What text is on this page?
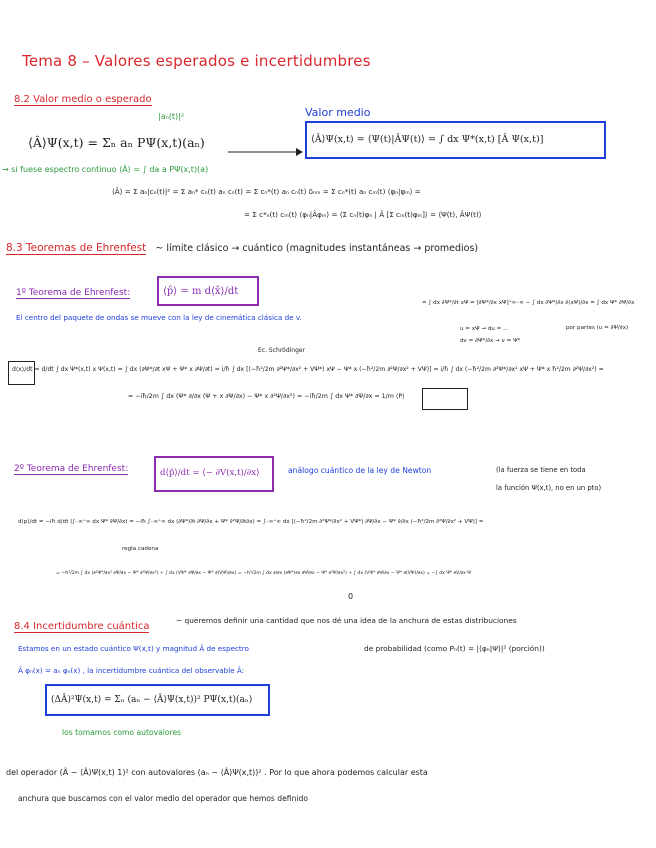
Tema 8 – Valores esperados e incertidumbres
8.2 Valor medio o esperado
|aₙ(t)|²	Valor medio
⟨Â⟩Ψ(x,t) = Σₙ aₙ PΨ(x,t)(aₙ)	⟨Â⟩Ψ(x,t) = ⟨Ψ(t)|ÂΨ(t)⟩ = ∫ dx Ψ*(x,t) [Â Ψ(x,t)]
→ si fuese espectro continuo ⟨Â⟩ = ∫ da a PΨ(x,t)(a)
⟨Â⟩ = Σ aₙ|cₙ(t)|² = Σ aₙ* cₙ(t) aₙ cₙ(t) = Σ cₙ*(t) aₙ cₙ(t) δₙₘ = Σ cₙ*(t) aₙ cₘ(t) ⟨φₙ|φₘ⟩ =
= Σ c*ₙ(t) cₘ(t) ⟨φₙ|Âφₘ⟩ = ⟨Σ cₙ(t)φₙ | Â [Σ cₘ(t)φₘ]⟩ = ⟨Ψ(t), ÂΨ(t)⟩
8.3 Teoremas de Ehrenfest ~ límite clásico → cuántico (magnitudes instantáneas → promedios)
1º Teorema de Ehrenfest:	⟨p̂⟩ = m d⟨x̂⟩/dt
El centro del paquete de ondas se mueve con la ley de cinemática clásica de v.
= ∫ dx ∂Ψ*/∂t xΨ = [∂Ψ*/∂x xΨ]⁺∞₋∞ − ∫ dx ∂Ψ*/∂x ∂(xΨ)/∂x = ∫ dx Ψ* ∂Ψ/∂x
u = xΨ → du = ...
dv = ∂Ψ*/∂x → v = Ψ*
por partes (u = ∂Ψ/∂x)
Ec. Schrödinger
d⟨x⟩/dt = d/dt ∫ dx Ψ*(x,t) x Ψ(x,t) = ∫ dx (∂Ψ*/∂t xΨ + Ψ* x ∂Ψ/∂t) = i/ħ ∫ dx [(−ħ²/2m ∂²Ψ*/∂x² + VΨ*) xΨ − Ψ* x (−ħ²/2m ∂²Ψ/∂x² + VΨ)] = i/ħ ∫ dx (−ħ²/2m ∂²Ψ*/∂x² xΨ + Ψ* x ħ²/2m ∂²Ψ/∂x²) =
= −iħ/2m ∫ dx (Ψ* ∂/∂x (Ψ + x ∂Ψ/∂x) − Ψ* x ∂²Ψ/∂x²) = −iħ/2m ∫ dx Ψ* ∂Ψ/∂x = 1/m ⟨P⟩
2º Teorema de Ehrenfest:	d⟨p̂⟩/dt = ⟨− ∂V(x,t)/∂x⟩	análogo cuántico de la ley de Newton	(la fuerza se tiene en toda
la función Ψ(x,t), no en un pto)
d⟨p⟩/dt = −iħ d/dt (∫₋∞⁺∞ dx Ψ* ∂Ψ/∂x) = −iħ ∫₋∞⁺∞ dx (∂Ψ*/∂t ∂Ψ/∂x + Ψ* ∂²Ψ/∂t∂x) = ∫₋∞⁺∞ dx [(−ħ²/2m ∂²Ψ*/∂x² + VΨ*) ∂Ψ/∂x − Ψ* ∂/∂x (−ħ²/2m ∂²Ψ/∂x² + VΨ)] =
regla cadena
= −ħ²/2m ∫ dx (∂²Ψ*/∂x² ∂Ψ/∂x − Ψ* ∂³Ψ/∂x³) + ∫ dx (VΨ* ∂Ψ/∂x − Ψ* ∂(VΨ)/∂x) = −ħ²/2m ∫ dx ∂/∂x (∂Ψ*/∂x ∂Ψ/∂x − Ψ* ∂²Ψ/∂x²) + ∫ dx (VΨ* ∂Ψ/∂x − Ψ* ∂(VΨ)/∂x) = −∫ dx Ψ* ∂V/∂x Ψ
0
8.4 Incertidumbre cuántica
~ queremos definir una cantidad que nos dé una idea de la anchura de estas distribuciones
de probabilidad (como Pₙ(t) = |⟨φₙ|Ψ⟩|² (porción))
Estamos en un estado cuántico Ψ(x,t) y magnitud Â de espectro
Â φₙ(x) = aₙ φₙ(x) , la incertidumbre cuántica del observable Â:
(ΔÂ)²Ψ(x,t) = Σₙ (aₙ − ⟨Â⟩Ψ(x,t))² PΨ(x,t)(aₙ)
los tomamos como autovalores
del operador (Â − ⟨Â⟩Ψ(x,t) 1)² con autovalores (aₙ − ⟨Â⟩Ψ(x,t))² . Por lo que ahora podemos calcular esta
anchura que buscamos con el valor medio del operador que hemos definido
